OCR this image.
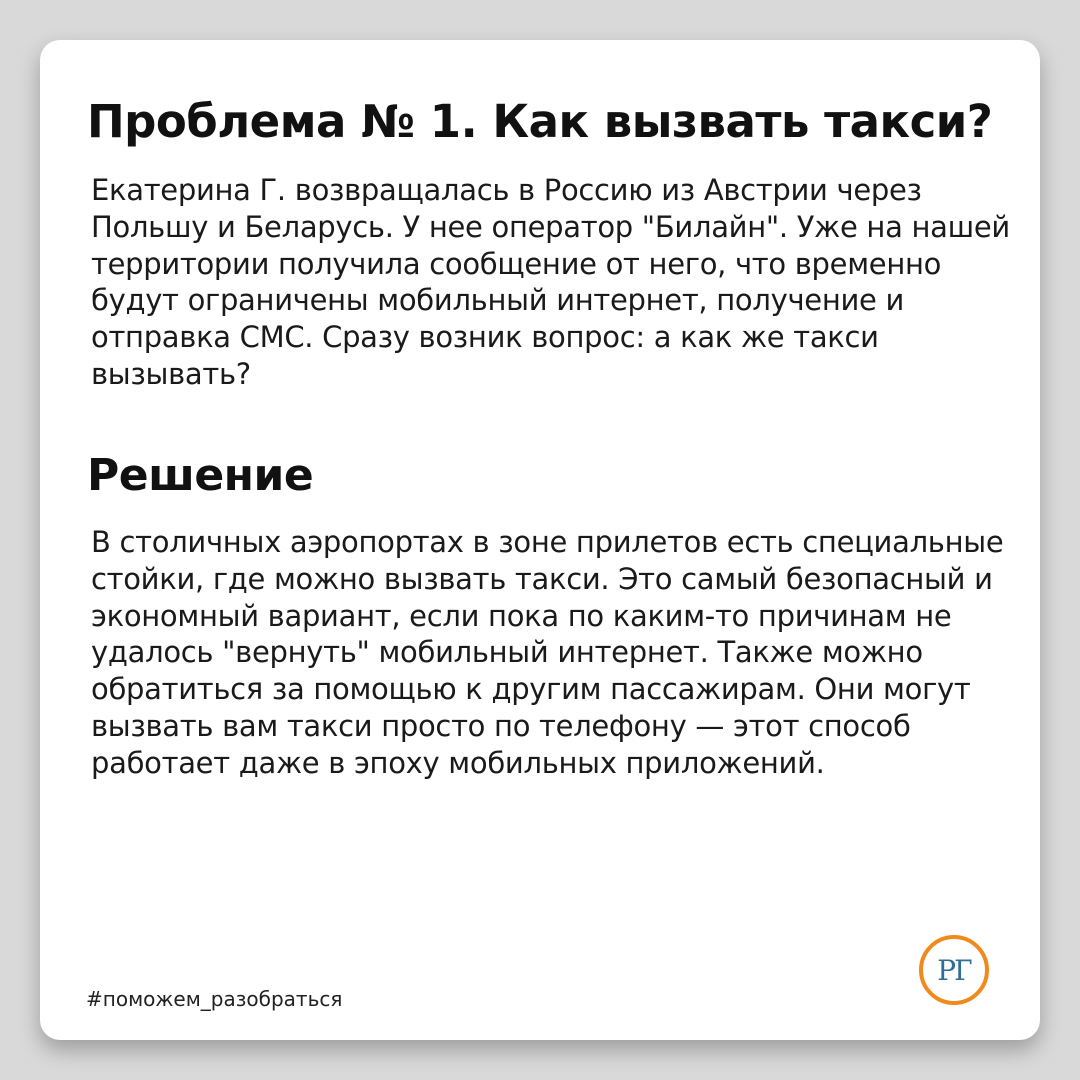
Проблема № 1. Как вызвать такси?

Екатерина Г. возвращалась в Россию из Австрии через Польшу и Беларусь. У нее оператор "Билайн". Уже на нашей территории получила сообщение от него, что временно будут ограничены мобильный интернет, получение и отправка СМС. Сразу возник вопрос: а как же такси вызывать?

Решение

В столичных аэропортах в зоне прилетов есть специальные стойки, где можно вызвать такси. Это самый безопасный и экономный вариант, если пока по каким-то причинам не удалось "вернуть" мобильный интернет. Также можно обратиться за помощью к другим пассажирам. Они могут вызвать вам такси просто по телефону — этот способ работает даже в эпоху мобильных приложений.

#поможем_разобраться
РГ
